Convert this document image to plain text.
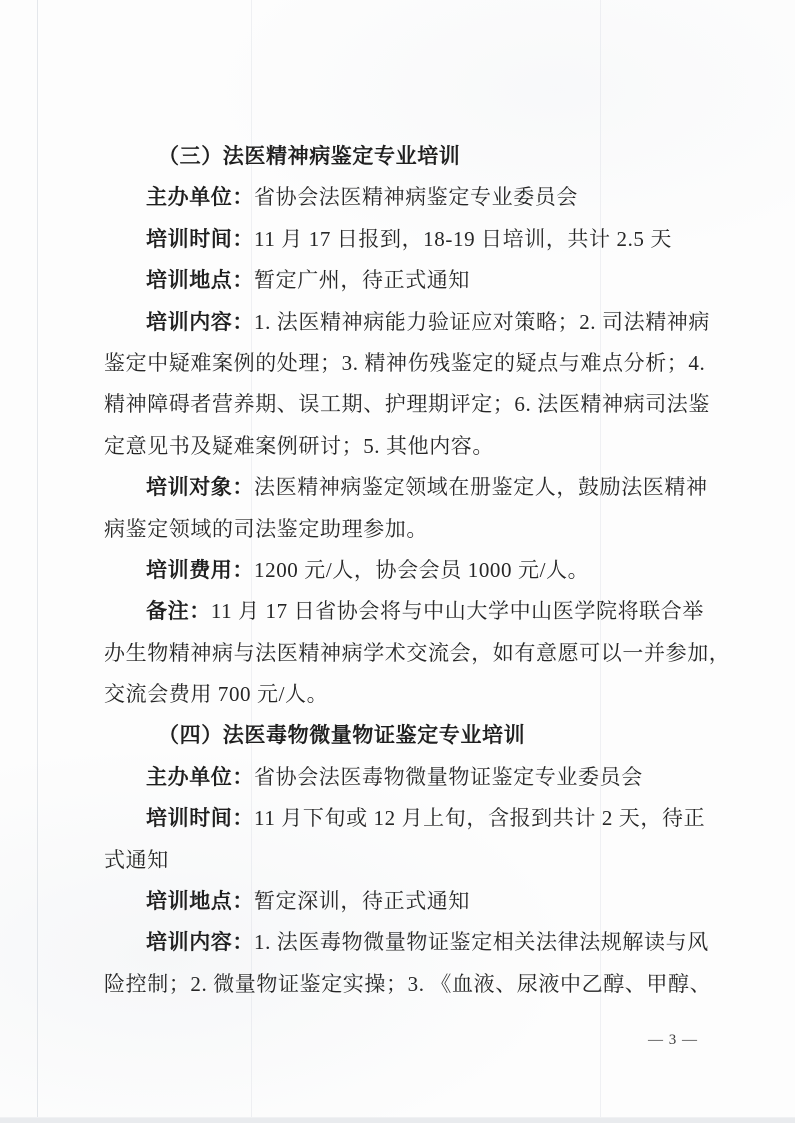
（三）法医精神病鉴定专业培训
主办单位：省协会法医精神病鉴定专业委员会
培训时间：11 月 17 日报到，18-19 日培训，共计 2.5 天
培训地点：暂定广州，待正式通知
培训内容：1. 法医精神病能力验证应对策略；2. 司法精神病
鉴定中疑难案例的处理；3. 精神伤残鉴定的疑点与难点分析；4.
精神障碍者营养期、误工期、护理期评定；6. 法医精神病司法鉴
定意见书及疑难案例研讨；5. 其他内容。
培训对象：法医精神病鉴定领域在册鉴定人，鼓励法医精神
病鉴定领域的司法鉴定助理参加。
培训费用：1200 元/人，协会会员 1000 元/人。
备注：11 月 17 日省协会将与中山大学中山医学院将联合举
办生物精神病与法医精神病学术交流会，如有意愿可以一并参加，
交流会费用 700 元/人。
（四）法医毒物微量物证鉴定专业培训
主办单位：省协会法医毒物微量物证鉴定专业委员会
培训时间：11 月下旬或 12 月上旬，含报到共计 2 天，待正
式通知
培训地点：暂定深训，待正式通知
培训内容：1. 法医毒物微量物证鉴定相关法律法规解读与风
险控制；2. 微量物证鉴定实操；3. 《血液、尿液中乙醇、甲醇、
— 3 —
